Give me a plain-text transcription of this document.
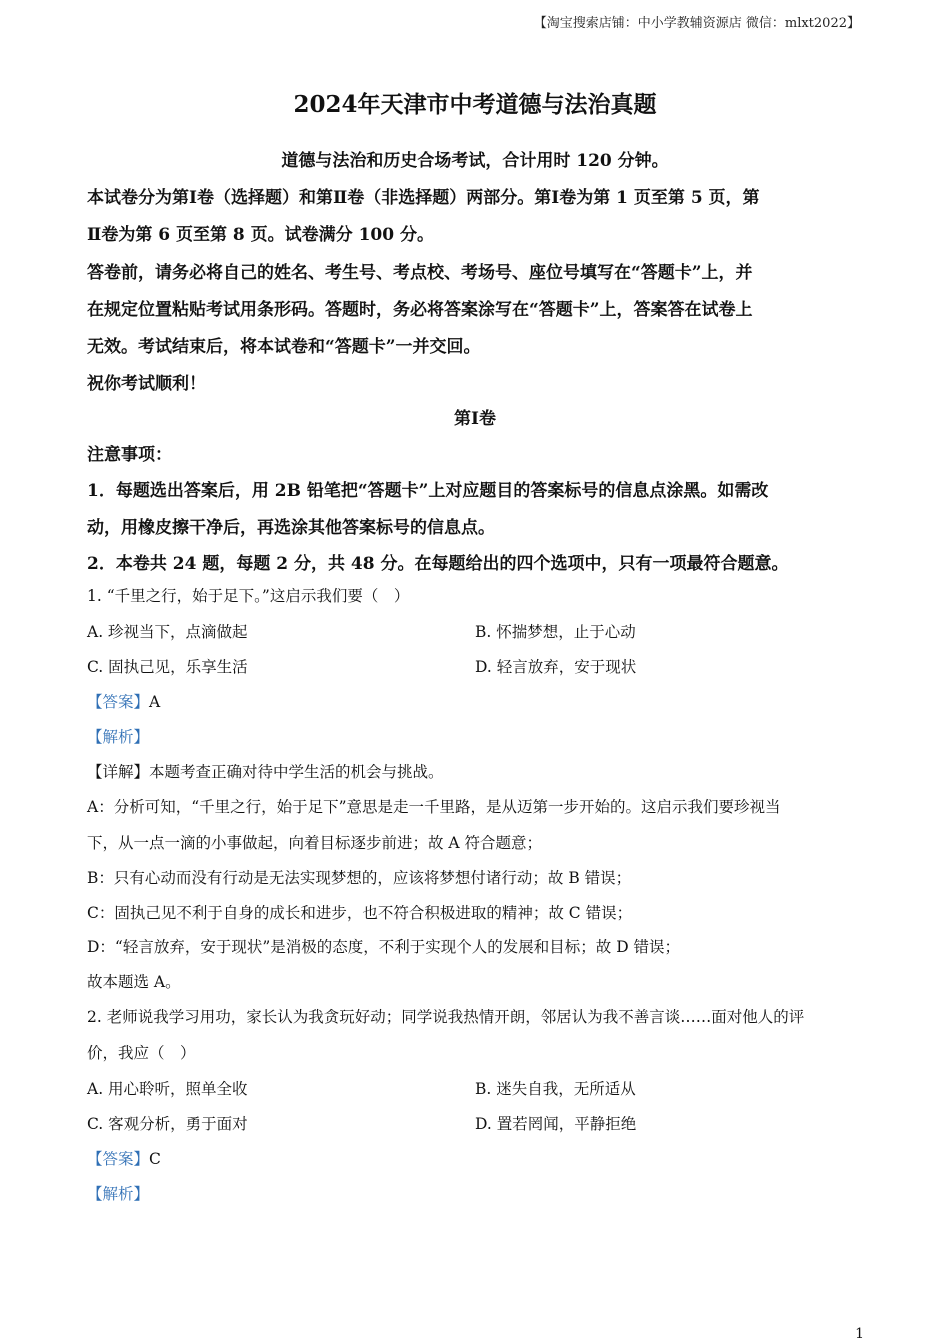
【淘宝搜索店铺：中小学教辅资源店 微信：mlxt2022】
2024年天津市中考道德与法治真题
道德与法治和历史合场考试，合计用时 120 分钟。
本试卷分为第Ⅰ卷（选择题）和第Ⅱ卷（非选择题）两部分。第Ⅰ卷为第 1 页至第 5 页，第
Ⅱ卷为第 6 页至第 8 页。试卷满分 100 分。
答卷前，请务必将自己的姓名、考生号、考点校、考场号、座位号填写在“答题卡”上，并
在规定位置粘贴考试用条形码。答题时，务必将答案涂写在“答题卡”上，答案答在试卷上
无效。考试结束后，将本试卷和“答题卡”一并交回。
祝你考试顺利！
第Ⅰ卷
注意事项：
1．每题选出答案后，用 2B 铅笔把“答题卡”上对应题目的答案标号的信息点涂黑。如需改
动，用橡皮擦干净后，再选涂其他答案标号的信息点。
2．本卷共 24 题，每题 2 分，共 48 分。在每题给出的四个选项中，只有一项最符合题意。
1. “千里之行，始于足下。”这启示我们要（　）
A. 珍视当下，点滴做起	B. 怀揣梦想，止于心动
C. 固执己见，乐享生活	D. 轻言放弃，安于现状
【答案】A
【解析】
【详解】本题考查正确对待中学生活的机会与挑战。
A：分析可知，“千里之行，始于足下”意思是走一千里路，是从迈第一步开始的。这启示我们要珍视当
下，从一点一滴的小事做起，向着目标逐步前进；故 A 符合题意；
B：只有心动而没有行动是无法实现梦想的，应该将梦想付诸行动；故 B 错误；
C：固执己见不利于自身的成长和进步，也不符合积极进取的精神；故 C 错误；
D：“轻言放弃，安于现状”是消极的态度，不利于实现个人的发展和目标；故 D 错误；
故本题选 A。
2. 老师说我学习用功，家长认为我贪玩好动；同学说我热情开朗，邻居认为我不善言谈……面对他人的评
价，我应（　）
A. 用心聆听，照单全收	B. 迷失自我，无所适从
C. 客观分析，勇于面对	D. 置若罔闻，平静拒绝
【答案】C
【解析】
1
